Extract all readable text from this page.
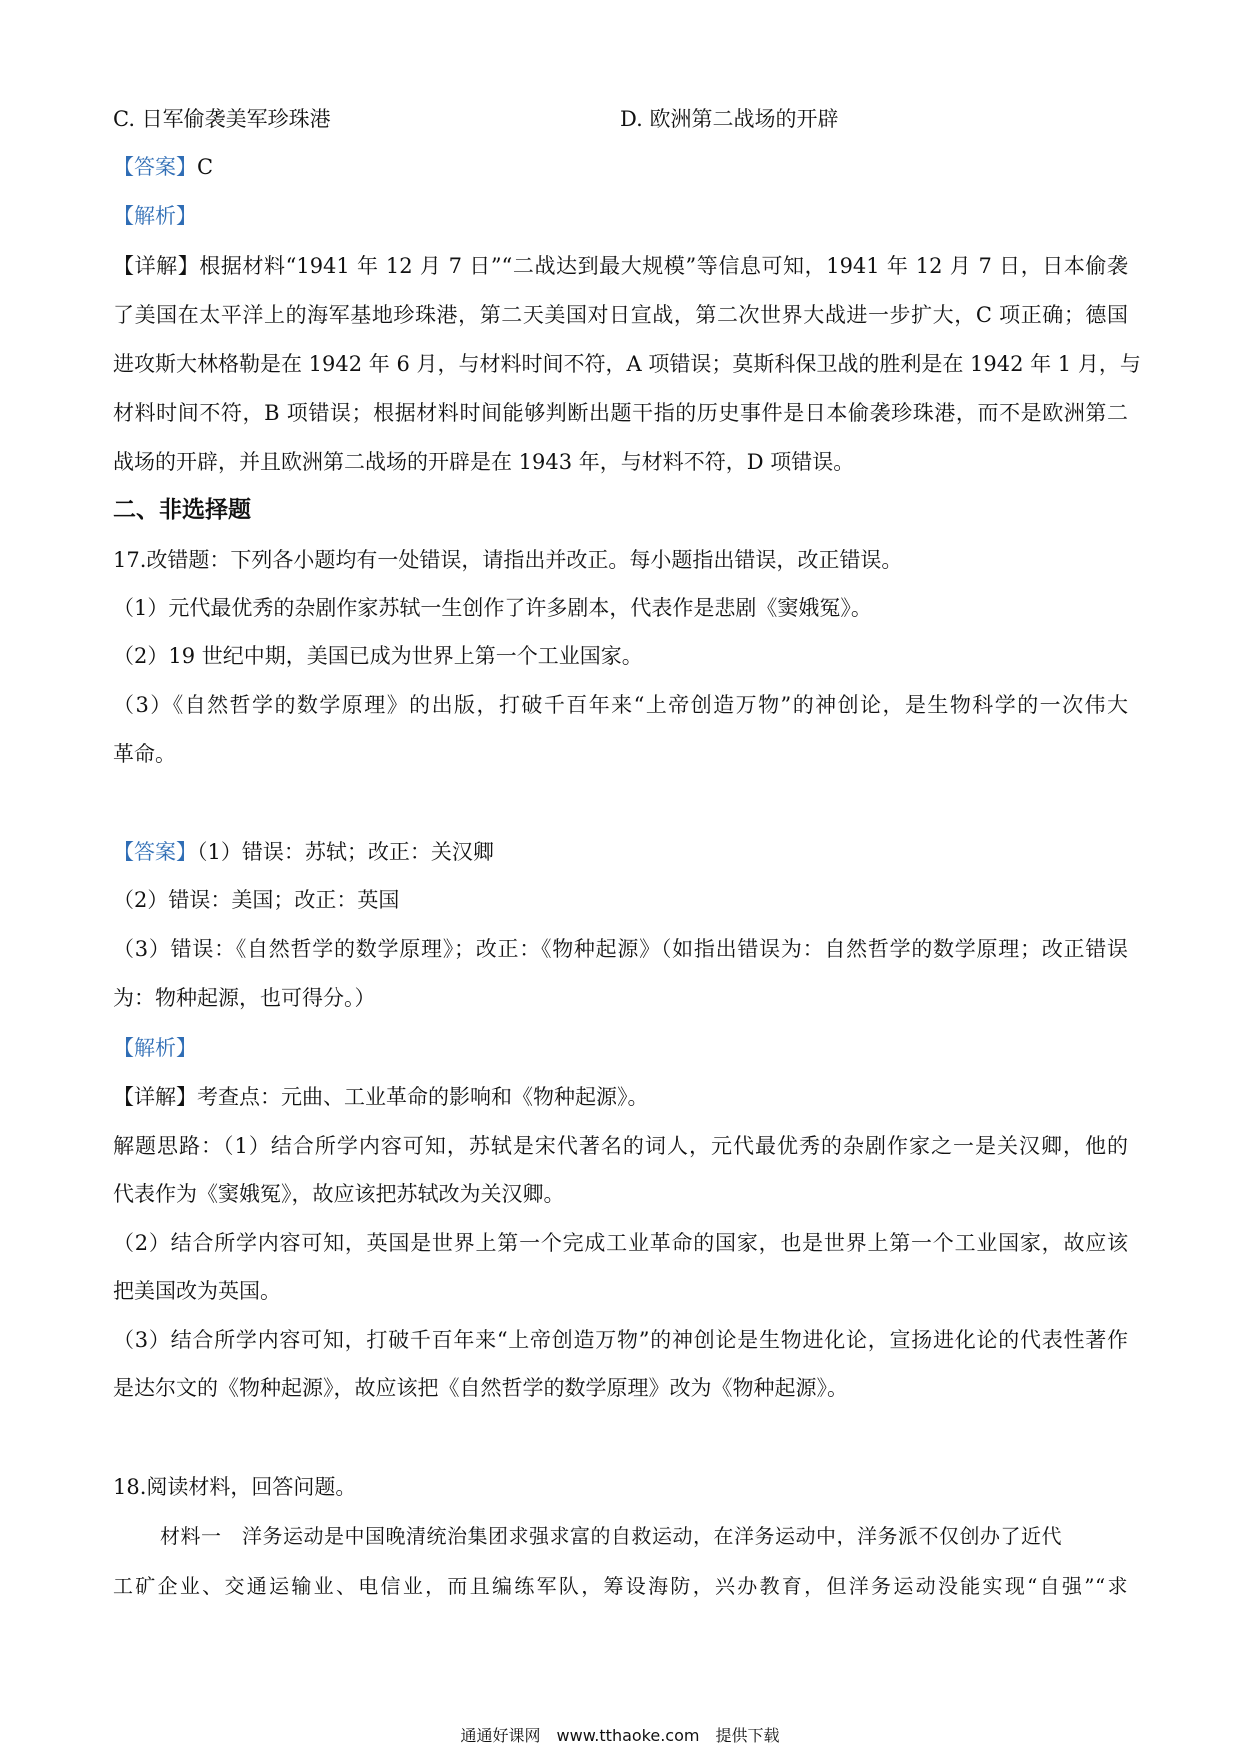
C. 日军偷袭美军珍珠港	D. 欧洲第二战场的开辟
【答案】C
【解析】
【详解】根据材料“1941 年 12 月 7 日”“二战达到最大规模”等信息可知，1941 年 12 月 7 日，日本偷袭
了美国在太平洋上的海军基地珍珠港，第二天美国对日宣战，第二次世界大战进一步扩大，C 项正确；德国
进攻斯大林格勒是在 1942 年 6 月，与材料时间不符，A 项错误；莫斯科保卫战的胜利是在 1942 年 1 月，与
材料时间不符，B 项错误；根据材料时间能够判断出题干指的历史事件是日本偷袭珍珠港，而不是欧洲第二
战场的开辟，并且欧洲第二战场的开辟是在 1943 年，与材料不符，D 项错误。
二、非选择题
17.改错题：下列各小题均有一处错误，请指出并改正。每小题指出错误，改正错误。
（1）元代最优秀的杂剧作家苏轼一生创作了许多剧本，代表作是悲剧《窦娥冤》。
（2）19 世纪中期，美国已成为世界上第一个工业国家。
（3）《自然哲学的数学原理》的出版，打破千百年来“上帝创造万物”的神创论，是生物科学的一次伟大
革命。
【答案】（1）错误：苏轼；改正：关汉卿
（2）错误：美国；改正：英国
（3）错误：《自然哲学的数学原理》；改正：《物种起源》（如指出错误为：自然哲学的数学原理；改正错误
为：物种起源，也可得分。）
【解析】
【详解】考查点：元曲、工业革命的影响和《物种起源》。
解题思路：（1）结合所学内容可知，苏轼是宋代著名的词人，元代最优秀的杂剧作家之一是关汉卿，他的
代表作为《窦娥冤》，故应该把苏轼改为关汉卿。
（2）结合所学内容可知，英国是世界上第一个完成工业革命的国家，也是世界上第一个工业国家，故应该
把美国改为英国。
（3）结合所学内容可知，打破千百年来“上帝创造万物”的神创论是生物进化论，宣扬进化论的代表性著作
是达尔文的《物种起源》，故应该把《自然哲学的数学原理》改为《物种起源》。
18.阅读材料，回答问题。
材料一　洋务运动是中国晚清统治集团求强求富的自救运动，在洋务运动中，洋务派不仅创办了近代
工矿企业、交通运输业、电信业，而且编练军队，筹设海防，兴办教育，但洋务运动没能实现“自强”“求
通通好课网　www.tthaoke.com　提供下载
